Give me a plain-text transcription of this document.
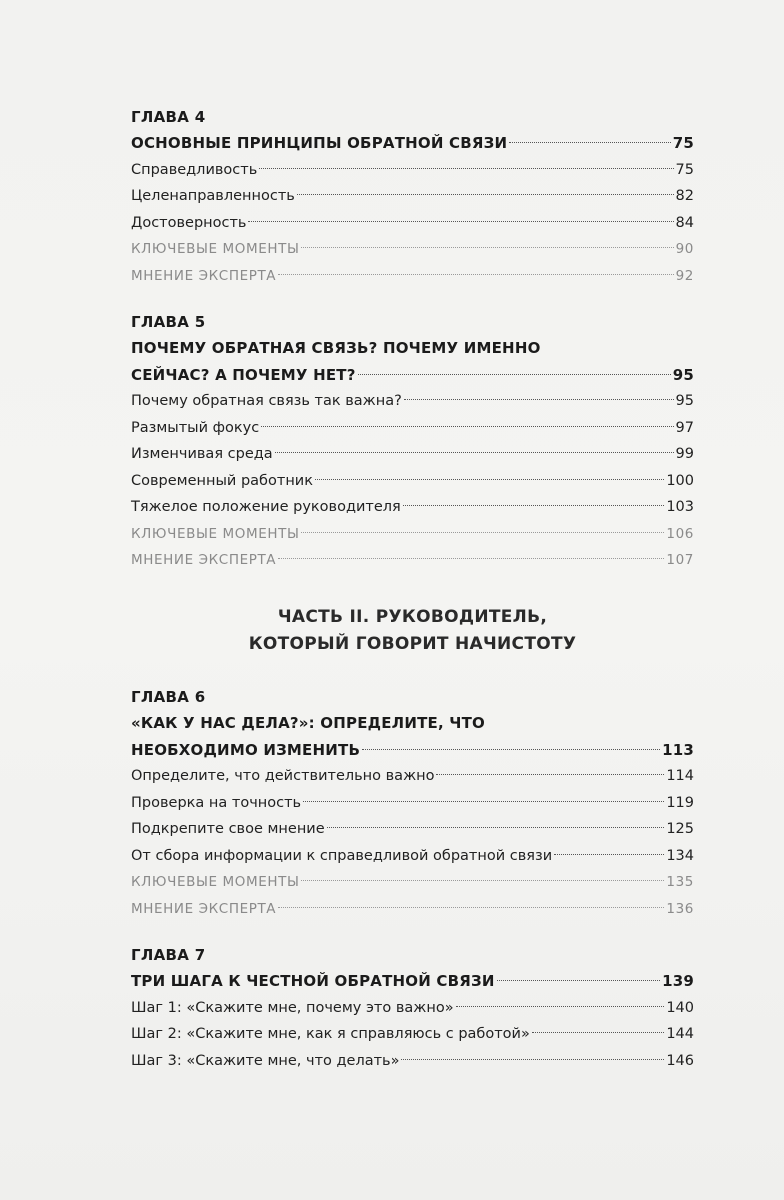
ГЛАВА 4
ОСНОВНЫЕ ПРИНЦИПЫ ОБРАТНОЙ СВЯЗИ	75
Справедливость	75
Целенаправленность	82
Достоверность	84
КЛЮЧЕВЫЕ МОМЕНТЫ	90
МНЕНИЕ ЭКСПЕРТА	92
ГЛАВА 5
ПОЧЕМУ ОБРАТНАЯ СВЯЗЬ? ПОЧЕМУ ИМЕННО
СЕЙЧАС? А ПОЧЕМУ НЕТ?	95
Почему обратная связь так важна?	95
Размытый фокус	97
Изменчивая среда	99
Современный работник	100
Тяжелое положение руководителя	103
КЛЮЧЕВЫЕ МОМЕНТЫ	106
МНЕНИЕ ЭКСПЕРТА	107
ЧАСТЬ II. РУКОВОДИТЕЛЬ,
КОТОРЫЙ ГОВОРИТ НАЧИСТОТУ
ГЛАВА 6
«КАК У НАС ДЕЛА?»: ОПРЕДЕЛИТЕ, ЧТО
НЕОБХОДИМО ИЗМЕНИТЬ	113
Определите, что действительно важно	114
Проверка на точность	119
Подкрепите свое мнение	125
От сбора информации к справедливой обратной связи	134
КЛЮЧЕВЫЕ МОМЕНТЫ	135
МНЕНИЕ ЭКСПЕРТА	136
ГЛАВА 7
ТРИ ШАГА К ЧЕСТНОЙ ОБРАТНОЙ СВЯЗИ	139
Шаг 1: «Скажите мне, почему это важно»	140
Шаг 2: «Скажите мне, как я справляюсь с работой»	144
Шаг 3: «Скажите мне, что делать»	146
